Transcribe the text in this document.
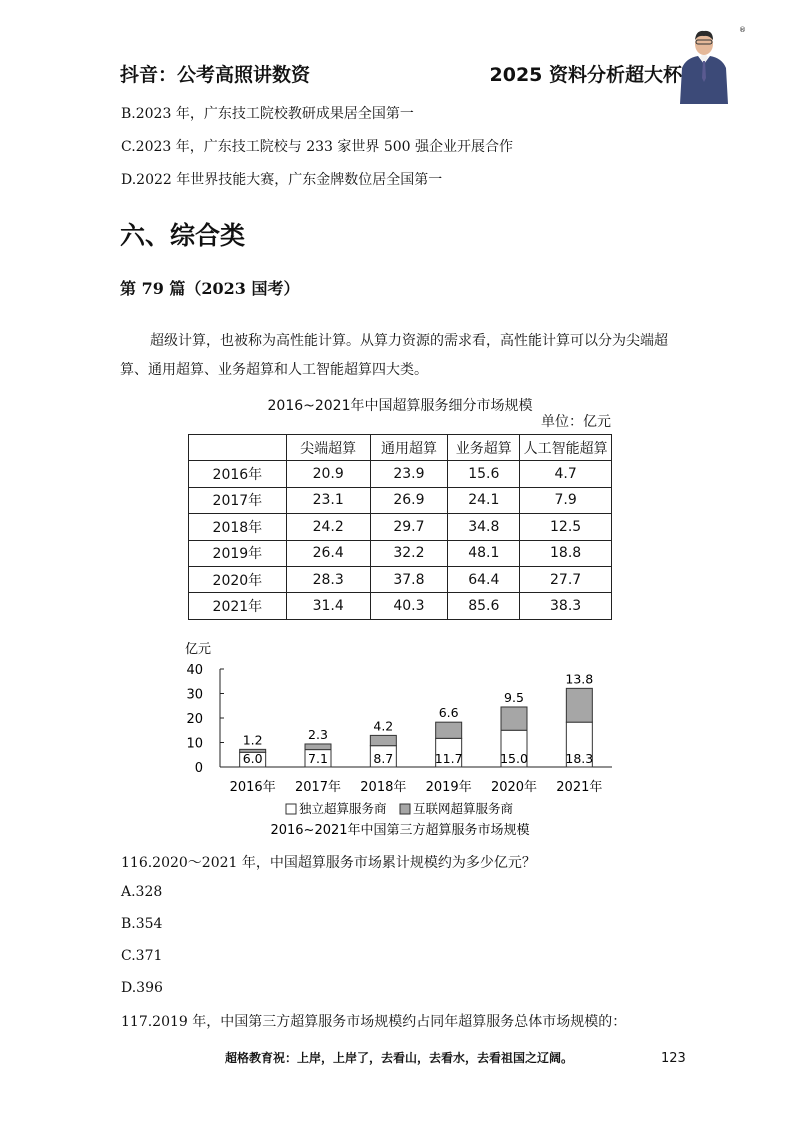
抖音：公考高照讲数资	2025 资料分析超大杯
®
B.2023 年，广东技工院校教研成果居全国第一
C.2023 年，广东技工院校与 233 家世界 500 强企业开展合作
D.2022 年世界技能大赛，广东金牌数位居全国第一
六、综合类
第 79 篇（2023 国考）

超级计算，也被称为高性能计算。从算力资源的需求看，高性能计算可以分为尖端超算、通用超算、业务超算和人工智能超算四大类。

2016~2021年中国超算服务细分市场规模
单位：亿元
	尖端超算	通用超算	业务超算	人工智能超算
2016年	20.9	23.9	15.6	4.7
2017年	23.1	26.9	24.1	7.9
2018年	24.2	29.7	34.8	12.5
2019年	26.4	32.2	48.1	18.8
2020年	28.3	37.8	64.4	27.7
2021年	31.4	40.3	85.6	38.3
亿元
0
10
20
30
40
6.0
1.2
2016年
7.1
2.3
2017年
8.7
4.2
2018年
11.7
6.6
2019年
15.0
9.5
2020年
18.3
13.8
2021年
独立超算服务商 互联网超算服务商
2016~2021年中国第三方超算服务市场规模
116.2020～2021 年，中国超算服务市场累计规模约为多少亿元？
A.328
B.354
C.371
D.396
117.2019 年，中国第三方超算服务市场规模约占同年超算服务总体市场规模的：
超格教育祝：上岸，上岸了，去看山，去看水，去看祖国之辽阔。	123
